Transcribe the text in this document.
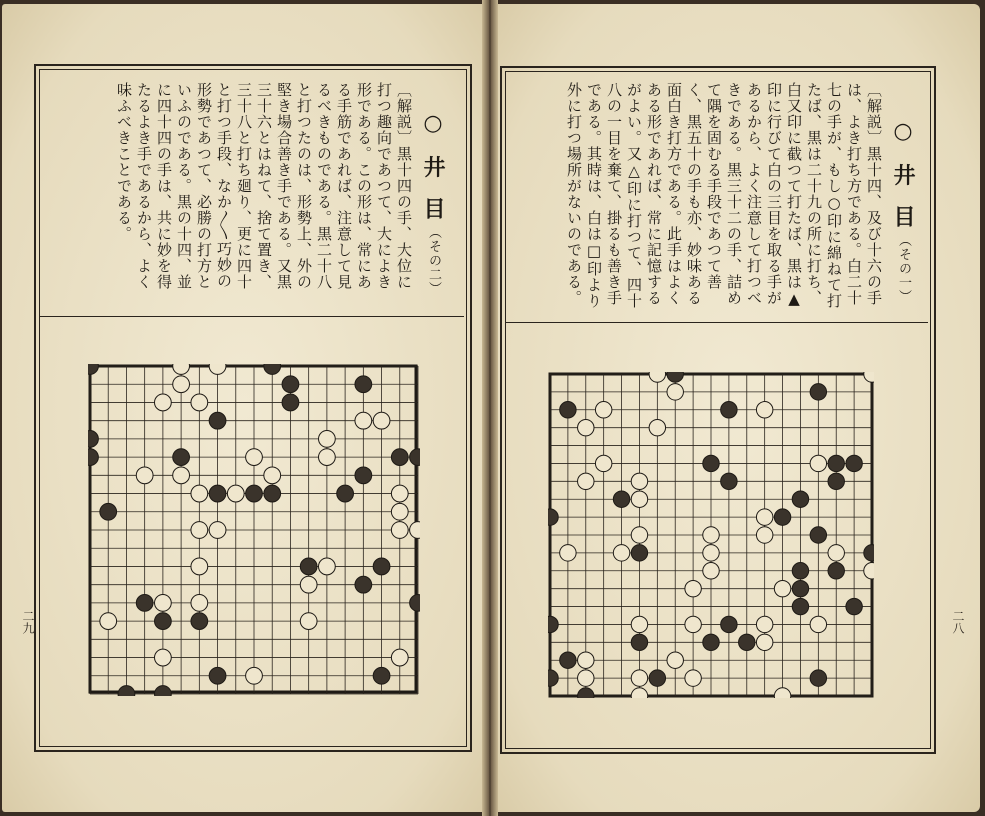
○ 井 目（その二）
〔解説〕黒十四の手、大位に打つ趣向であつて、大によき形である。この形は、常にある手筋であれば、注意して見るべきものである。黒二十八と打つたのは、形勢上、外の堅き場合善き手である。又黒三十六とはねて、捨て置き、三十八と打ち廻り、更に四十と打つ手段、なか〳〵巧妙の形勢であつて、必勝の打方といふのである。黒の十四、並に四十四の手は、共に妙を得たるよき手であるから、よく味ふべきことである。
二九
○ 井 目（その一）
〔解説〕黒十四、及び十六の手は、よき打ち方である。白二十七の手が、もし○印に綿ねて打たば、黒は二十九の所に打ち、白又印に截つて打たば、黒は▲印に行びて白の三目を取る手があるから、よく注意して打つべきである。黒三十二の手、詰めて隅を固むる手段であつて善く、黒五十の手も亦、妙味ある面白き打方である。此手はよくある形であれば、常に記憶するがよい。又△印に打つて、四十八の一目を棄て、掛るも善き手である。其時は、白は□印より外に打つ場所がないのである。
二八
